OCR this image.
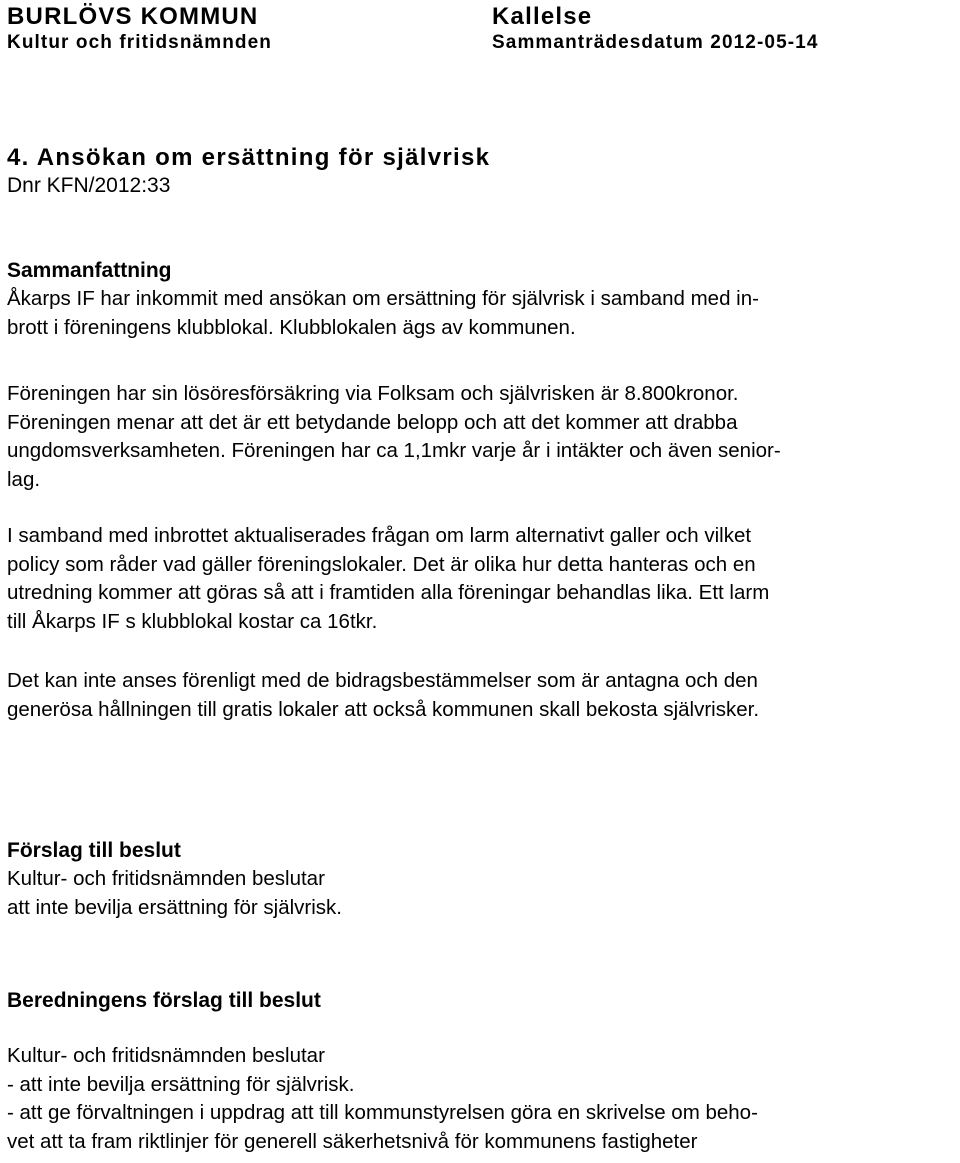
BURLÖVS KOMMUN
Kultur och fritidsnämnden
Kallelse
Sammanträdesdatum 2012-05-14
4. Ansökan om ersättning för självrisk
Dnr KFN/2012:33
Sammanfattning

Åkarps IF har inkommit med ansökan om ersättning för självrisk i samband med in-
brott i föreningens klubblokal. Klubblokalen ägs av kommunen.

Föreningen har sin lösöresförsäkring via Folksam och självrisken är 8.800kronor.
Föreningen menar att det är ett betydande belopp och att det kommer att drabba
ungdomsverksamheten. Föreningen har ca 1,1mkr varje år i intäkter och även senior-
lag.

I samband med inbrottet aktualiserades frågan om larm alternativt galler och vilket
policy som råder vad gäller föreningslokaler. Det är olika hur detta hanteras och en
utredning kommer att göras så att i framtiden alla föreningar behandlas lika. Ett larm
till Åkarps IF s klubblokal kostar ca 16tkr.

Det kan inte anses förenligt med de bidragsbestämmelser som är antagna och den
generösa hållningen till gratis lokaler att också kommunen skall bekosta självrisker.

Förslag till beslut

Kultur- och fritidsnämnden beslutar
att inte bevilja ersättning för självrisk.

Beredningens förslag till beslut

Kultur- och fritidsnämnden beslutar
- att inte bevilja ersättning för självrisk.
- att ge förvaltningen i uppdrag att till kommunstyrelsen göra en skrivelse om beho-
vet att ta fram riktlinjer för generell säkerhetsnivå för kommunens fastigheter
